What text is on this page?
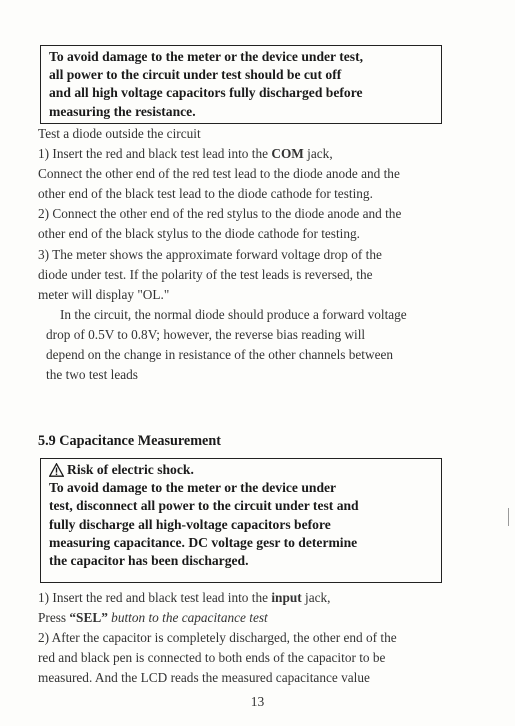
To avoid damage to the meter or the device under test,

all power to the circuit under test should be cut off

and all high voltage capacitors fully discharged before

measuring the resistance.

Test a diode outside the circuit

1) Insert the red and black test lead into the COM jack,

Connect the other end of the red test lead to the diode anode and the

other end of the black test lead to the diode cathode for testing.

2) Connect the other end of the red stylus to the diode anode and the

other end of the black stylus to the diode cathode for testing.

3) The meter shows the approximate forward voltage drop of the

diode under test. If the polarity of the test leads is reversed, the

meter will display "OL."

In the circuit, the normal diode should produce a forward voltage

drop of 0.5V to 0.8V; however, the reverse bias reading will

depend on the change in resistance of the other channels between

the two test leads

5.9 Capacitance Measurement
Risk of electric shock.

To avoid damage to the meter or the device under

test, disconnect all power to the circuit under test and

fully discharge all high-voltage capacitors before

measuring capacitance. DC voltage gesr to determine

the capacitor has been discharged.

1) Insert the red and black test lead into the input jack,

Press “SEL” button to the capacitance test

2) After the capacitor is completely discharged, the other end of the

red and black pen is connected to both ends of the capacitor to be

measured. And the LCD reads the measured capacitance value

13
